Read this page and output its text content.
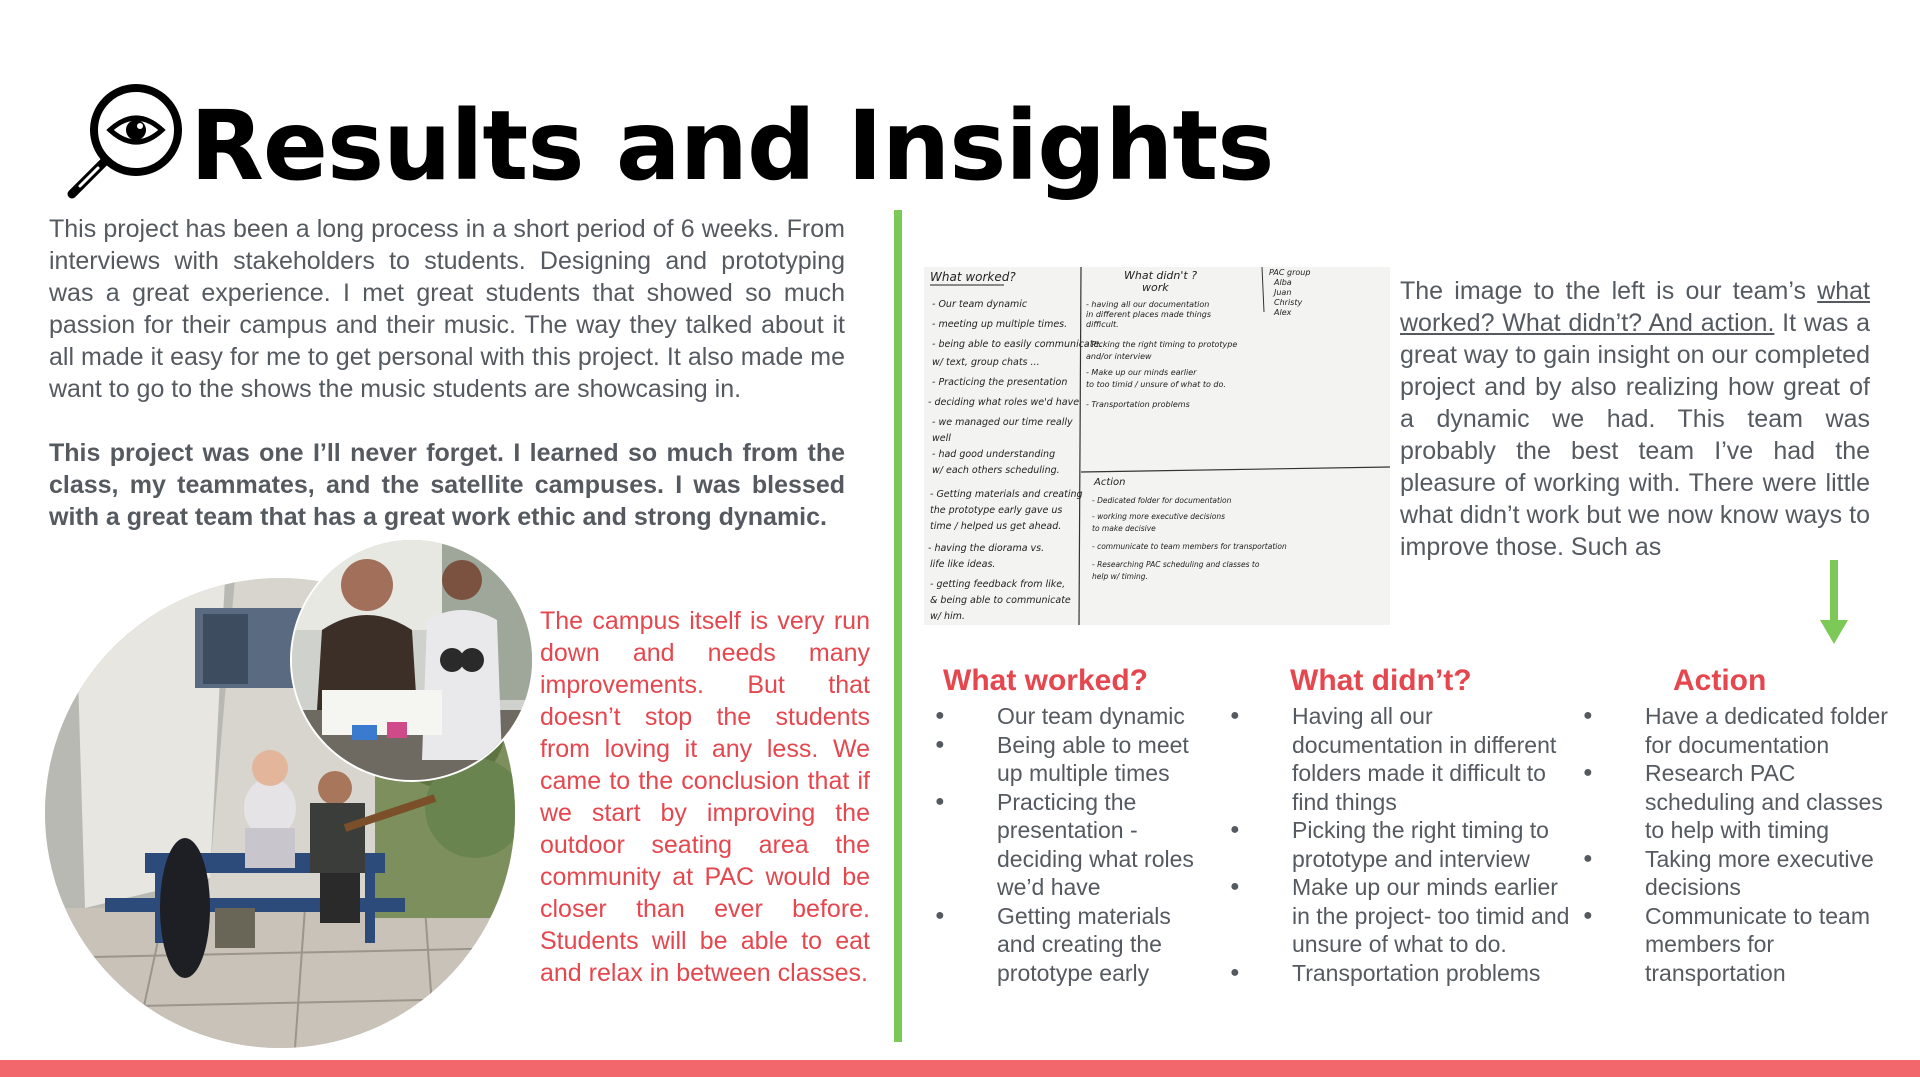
Results and Insights

This project has been a long process in a short period of 6 weeks. From interviews with stakeholders to students. Designing and prototyping was a great experience. I met great students that showed so much passion for their campus and their music. The way they talked about it all made it easy for me to get personal with this project. It also made me want to go to the shows the music students are showcasing in.

This project was one I’ll never forget. I learned so much from the class, my teammates, and the satellite campuses. I was blessed with a great team that has a great work ethic and strong dynamic.

The campus itself is very run down and needs many improvements. But that doesn’t stop the students from loving it any less. We came to the conclusion that if we start by improving the outdoor seating area the community at PAC would be closer than ever before. Students will be able to eat and relax in between classes.
What worked?
- Our team dynamic
- meeting up multiple times.
- being able to easily communicate.
w/ text, group chats ...
- Practicing the presentation
- deciding what roles we'd have
- we managed our time really
well
- had good understanding
w/ each others scheduling.
- Getting materials and creating
the prototype early gave us
time / helped us get ahead.
- having the diorama vs.
life like ideas.
- getting feedback from like,
& being able to communicate
w/ him.
What didn't ?
work
- having all our documentation
in different places made things
difficult.
- Picking the right timing to prototype
and/or interview
- Make up our minds earlier
to too timid / unsure of what to do.
- Transportation problems
PAC group
Alba
Juan
Christy
Alex
Action
- Dedicated folder for documentation
- working more executive decisions
to make decisive
- communicate to team members for transportation
- Researching PAC scheduling and classes to
help w/ timing.
The image to the left is our team’s what worked? What didn’t? And action. It was a great way to gain insight on our completed project and by also realizing how great of a dynamic we had. This team was probably the best team I’ve had the pleasure of working with. There were little what didn’t work but we now know ways to improve those. Such as
What worked?
● Our team dynamic
● Being able to meet up multiple times
● Practicing the presentation - deciding what roles we’d have
● Getting materials and creating the prototype early
What didn’t?
● Having all our documentation in different folders made it difficult to find things
● Picking the right timing to prototype and interview
● Make up our minds earlier in the project- too timid and unsure of what to do.
● Transportation problems
Action
● Have a dedicated folder for documentation
● Research PAC scheduling and classes to help with timing
● Taking more executive decisions
● Communicate to team members for transportation
